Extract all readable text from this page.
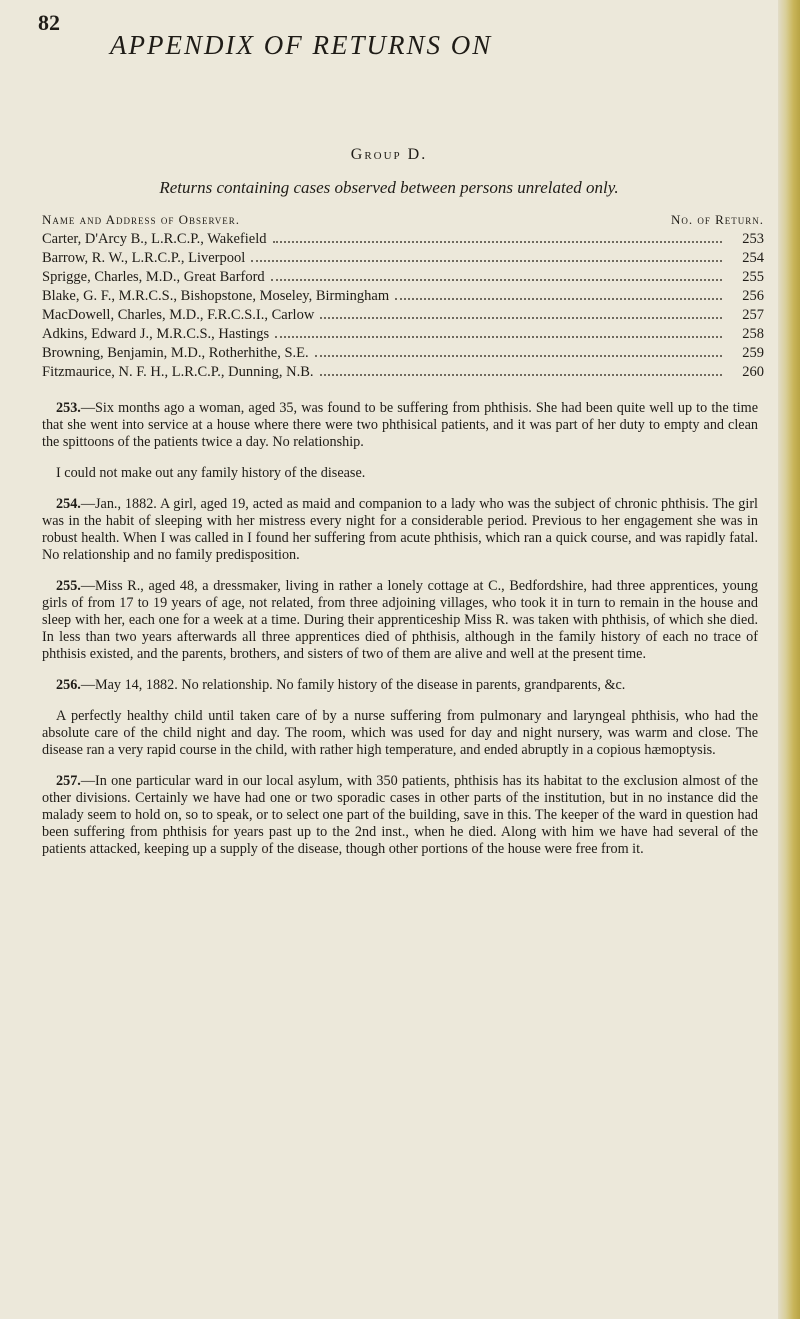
82
APPENDIX OF RETURNS ON
Group D.
Returns containing cases observed between persons unrelated only.
Name and Address of Observer.	No. of Return.
Carter, D'Arcy B., L.R.C.P., Wakefield	253
Barrow, R. W., L.R.C.P., Liverpool	254
Sprigge, Charles, M.D., Great Barford	255
Blake, G. F., M.R.C.S., Bishopstone, Moseley, Birmingham	256
MacDowell, Charles, M.D., F.R.C.S.I., Carlow	257
Adkins, Edward J., M.R.C.S., Hastings	258
Browning, Benjamin, M.D., Rotherhithe, S.E.	259
Fitzmaurice, N. F. H., L.R.C.P., Dunning, N.B.	260

253.—Six months ago a woman, aged 35, was found to be suffering from phthisis. She had been quite well up to the time that she went into service at a house where there were two phthisical patients, and it was part of her duty to empty and clean the spittoons of the patients twice a day. No relationship.

I could not make out any family history of the disease.

254.—Jan., 1882. A girl, aged 19, acted as maid and companion to a lady who was the subject of chronic phthisis. The girl was in the habit of sleeping with her mistress every night for a considerable period. Previous to her engagement she was in robust health. When I was called in I found her suffering from acute phthisis, which ran a quick course, and was rapidly fatal. No relationship and no family predisposition.

255.—Miss R., aged 48, a dressmaker, living in rather a lonely cottage at C., Bedfordshire, had three apprentices, young girls of from 17 to 19 years of age, not related, from three adjoining villages, who took it in turn to remain in the house and sleep with her, each one for a week at a time. During their apprenticeship Miss R. was taken with phthisis, of which she died. In less than two years afterwards all three apprentices died of phthisis, although in the family history of each no trace of phthisis existed, and the parents, brothers, and sisters of two of them are alive and well at the present time.

256.—May 14, 1882. No relationship. No family history of the disease in parents, grandparents, &c.

A perfectly healthy child until taken care of by a nurse suffering from pulmonary and laryngeal phthisis, who had the absolute care of the child night and day. The room, which was used for day and night nursery, was warm and close. The disease ran a very rapid course in the child, with rather high temperature, and ended abruptly in a copious hæmoptysis.

257.—In one particular ward in our local asylum, with 350 patients, phthisis has its habitat to the exclusion almost of the other divisions. Certainly we have had one or two sporadic cases in other parts of the institution, but in no instance did the malady seem to hold on, so to speak, or to select one part of the building, save in this. The keeper of the ward in question had been suffering from phthisis for years past up to the 2nd inst., when he died. Along with him we have had several of the patients attacked, keeping up a supply of the disease, though other portions of the house were free from it.
